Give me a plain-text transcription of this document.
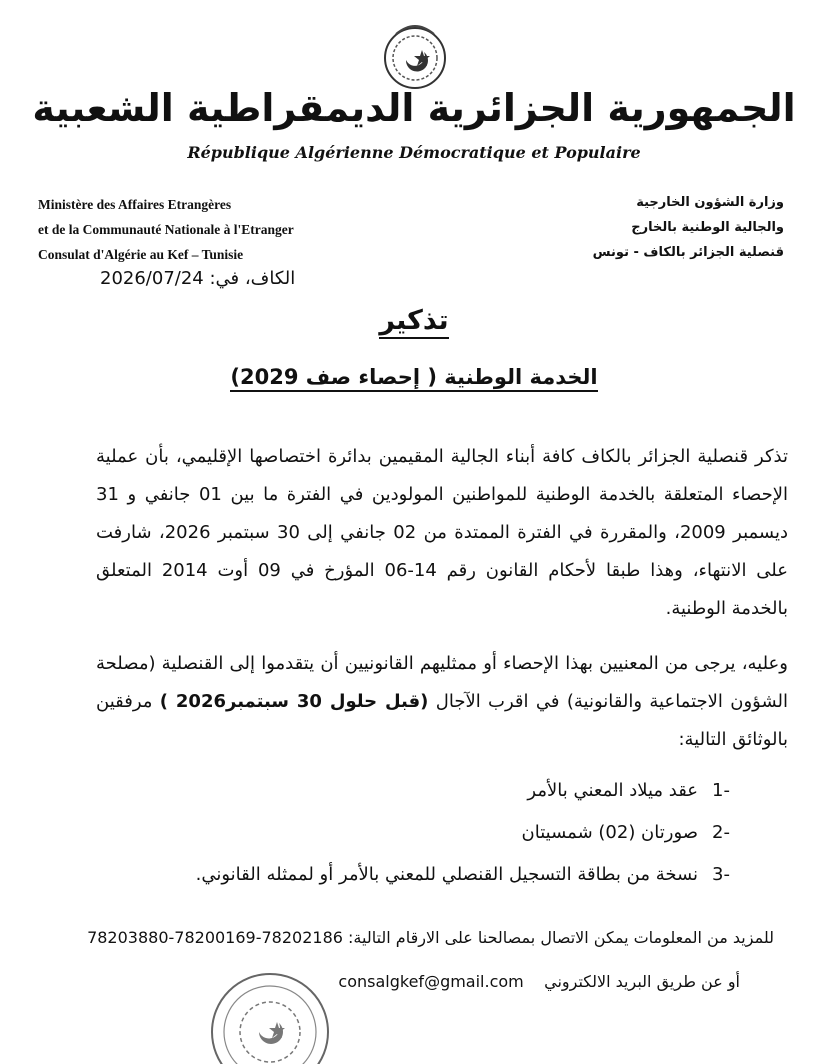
الجمهورية الجزائرية الديمقراطية الشعبية
République Algérienne Démocratique et Populaire
Ministère des Affaires Etrangères
et de la Communauté Nationale à l'Etranger
Consulat d'Algérie au Kef – Tunisie
وزارة الشؤون الخارجية
والجالية الوطنية بالخارج
قنصلية الجزائر بالكاف - تونس
الكاف، في: 2026/07/24
تذكير
الخدمة الوطنية ( إحصاء صف 2029)
تذكر قنصلية الجزائر بالكاف كافة أبناء الجالية المقيمين بدائرة اختصاصها الإقليمي، بأن عملية الإحصاء المتعلقة بالخدمة الوطنية للمواطنين المولودين في الفترة ما بين 01 جانفي و 31 ديسمبر 2009، والمقررة في الفترة الممتدة من 02 جانفي إلى 30 سبتمبر 2026، شارفت على الانتهاء، وهذا طبقا لأحكام القانون رقم 14-06 المؤرخ في 09 أوت 2014 المتعلق بالخدمة الوطنية.
وعليه، يرجى من المعنيين بهذا الإحصاء أو ممثليهم القانونيين أن يتقدموا إلى القنصلية (مصلحة الشؤون الاجتماعية والقانونية) في اقرب الآجال (قبل حلول 30 سبتمبر2026 ) مرفقين بالوثائق التالية:
-1عقد ميلاد المعني بالأمر
-2صورتان (02) شمسيتان
-3نسخة من بطاقة التسجيل القنصلي للمعني بالأمر أو لممثله القانوني.
للمزيد من المعلومات يمكن الاتصال بمصالحنا على الارقام التالية: 78203880-78200169-78202186
أو عن طريق البريد الالكتروني    consalgkef@gmail.com
